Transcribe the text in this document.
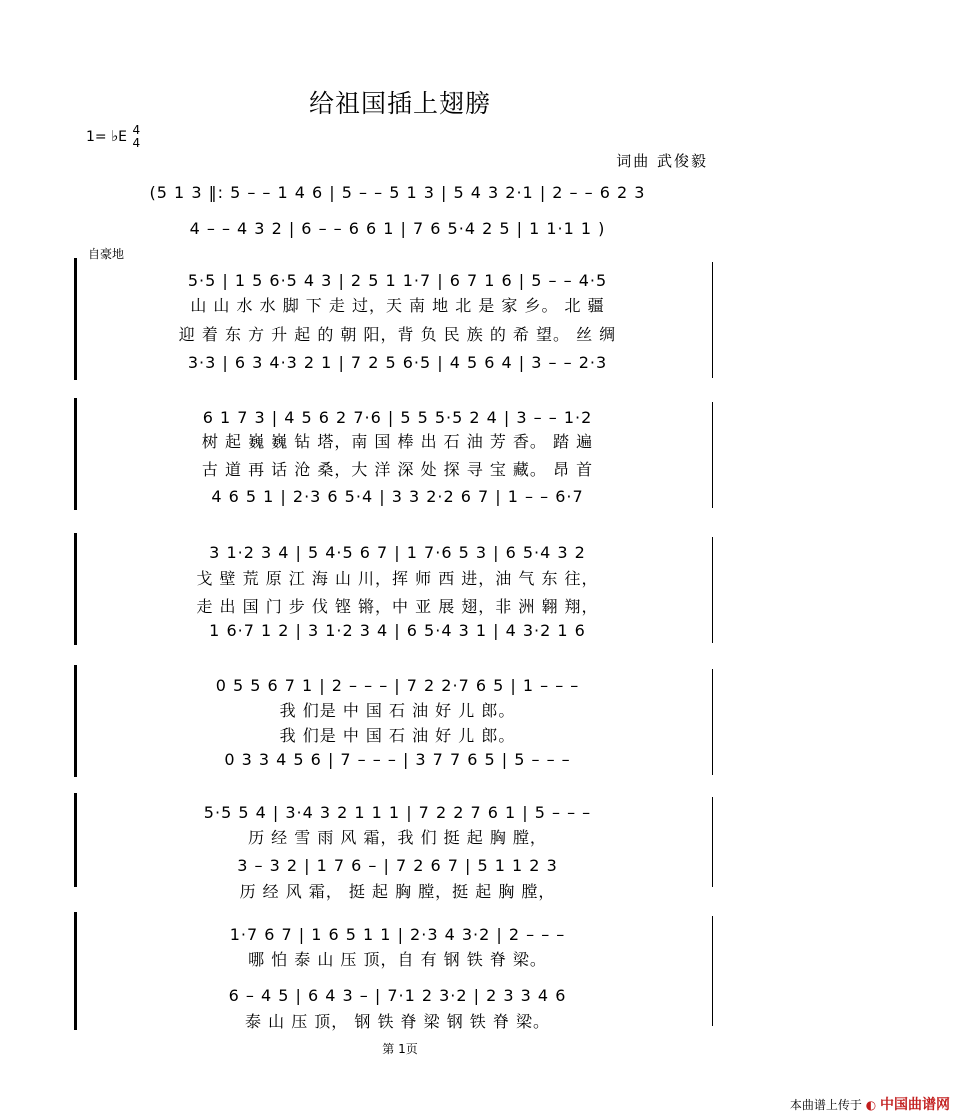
给祖国插上翅膀
1= ♭E 4
4
词曲 武俊毅
(5 1 3 ‖: 5 – – 1 4 6 | 5 – – 5 1 3 | 5 4 3 2·1 | 2 – – 6 2 3
4 – – 4 3 2 | 6 – – 6 6 1 | 7 6 5·4 2 5 | 1 1·1 1 )
自豪地
5·5 | 1 5 6·5 4 3 | 2 5 1 1·7 | 6 7 1 6 | 5 – – 4·5
山 山 水 水 脚 下 走 过，天 南 地 北 是 家 乡。 北 疆
迎 着 东 方 升 起 的 朝 阳，背 负 民 族 的 希 望。 丝 绸
3·3 | 6 3 4·3 2 1 | 7 2 5 6·5 | 4 5 6 4 | 3 – – 2·3
6 1 7 3 | 4 5 6 2 7·6 | 5 5 5·5 2 4 | 3 – – 1·2
树 起 巍 巍 钻 塔，南 国 棒 出 石 油 芳 香。 踏 遍
古 道 再 话 沧 桑，大 洋 深 处 探 寻 宝 藏。 昂 首
4 6 5 1 | 2·3 6 5·4 | 3 3 2·2 6 7 | 1 – – 6·7
3 1·2 3 4 | 5 4·5 6 7 | 1 7·6 5 3 | 6 5·4 3 2
戈 壁 荒 原 江 海 山 川，挥 师 西 进，油 气 东 往，
走 出 国 门 步 伐 铿 锵，中 亚 展 翅，非 洲 翱 翔，
1 6·7 1 2 | 3 1·2 3 4 | 6 5·4 3 1 | 4 3·2 1 6
0 5 5 6 7 1 | 2 – – – | 7 2 2·7 6 5 | 1 – – –
我 们是 中 国 石 油 好 儿 郎。
我 们是 中 国 石 油 好 儿 郎。
0 3 3 4 5 6 | 7 – – – | 3 7 7 6 5 | 5 – – –
5·5 5 4 | 3·4 3 2 1 1 1 | 7 2 2 7 6 1 | 5 – – –
历 经 雪 雨 风 霜，我 们 挺 起 胸 膛，
3 – 3 2 | 1 7 6 – | 7 2 6 7 | 5 1 1 2 3
历 经 风 霜， 挺 起 胸 膛，挺 起 胸 膛，
1·7 6 7 | 1 6 5 1 1 | 2·3 4 3·2 | 2 – – –
哪 怕 泰 山 压 顶，自 有 钢 铁 脊 梁。
6 – 4 5 | 6 4 3 – | 7·1 2 3·2 | 2 3 3 4 6
泰 山 压 顶， 钢 铁 脊 梁 钢 铁 脊 梁。
第 1页
本曲谱上传于 ◐ 中国曲谱网
